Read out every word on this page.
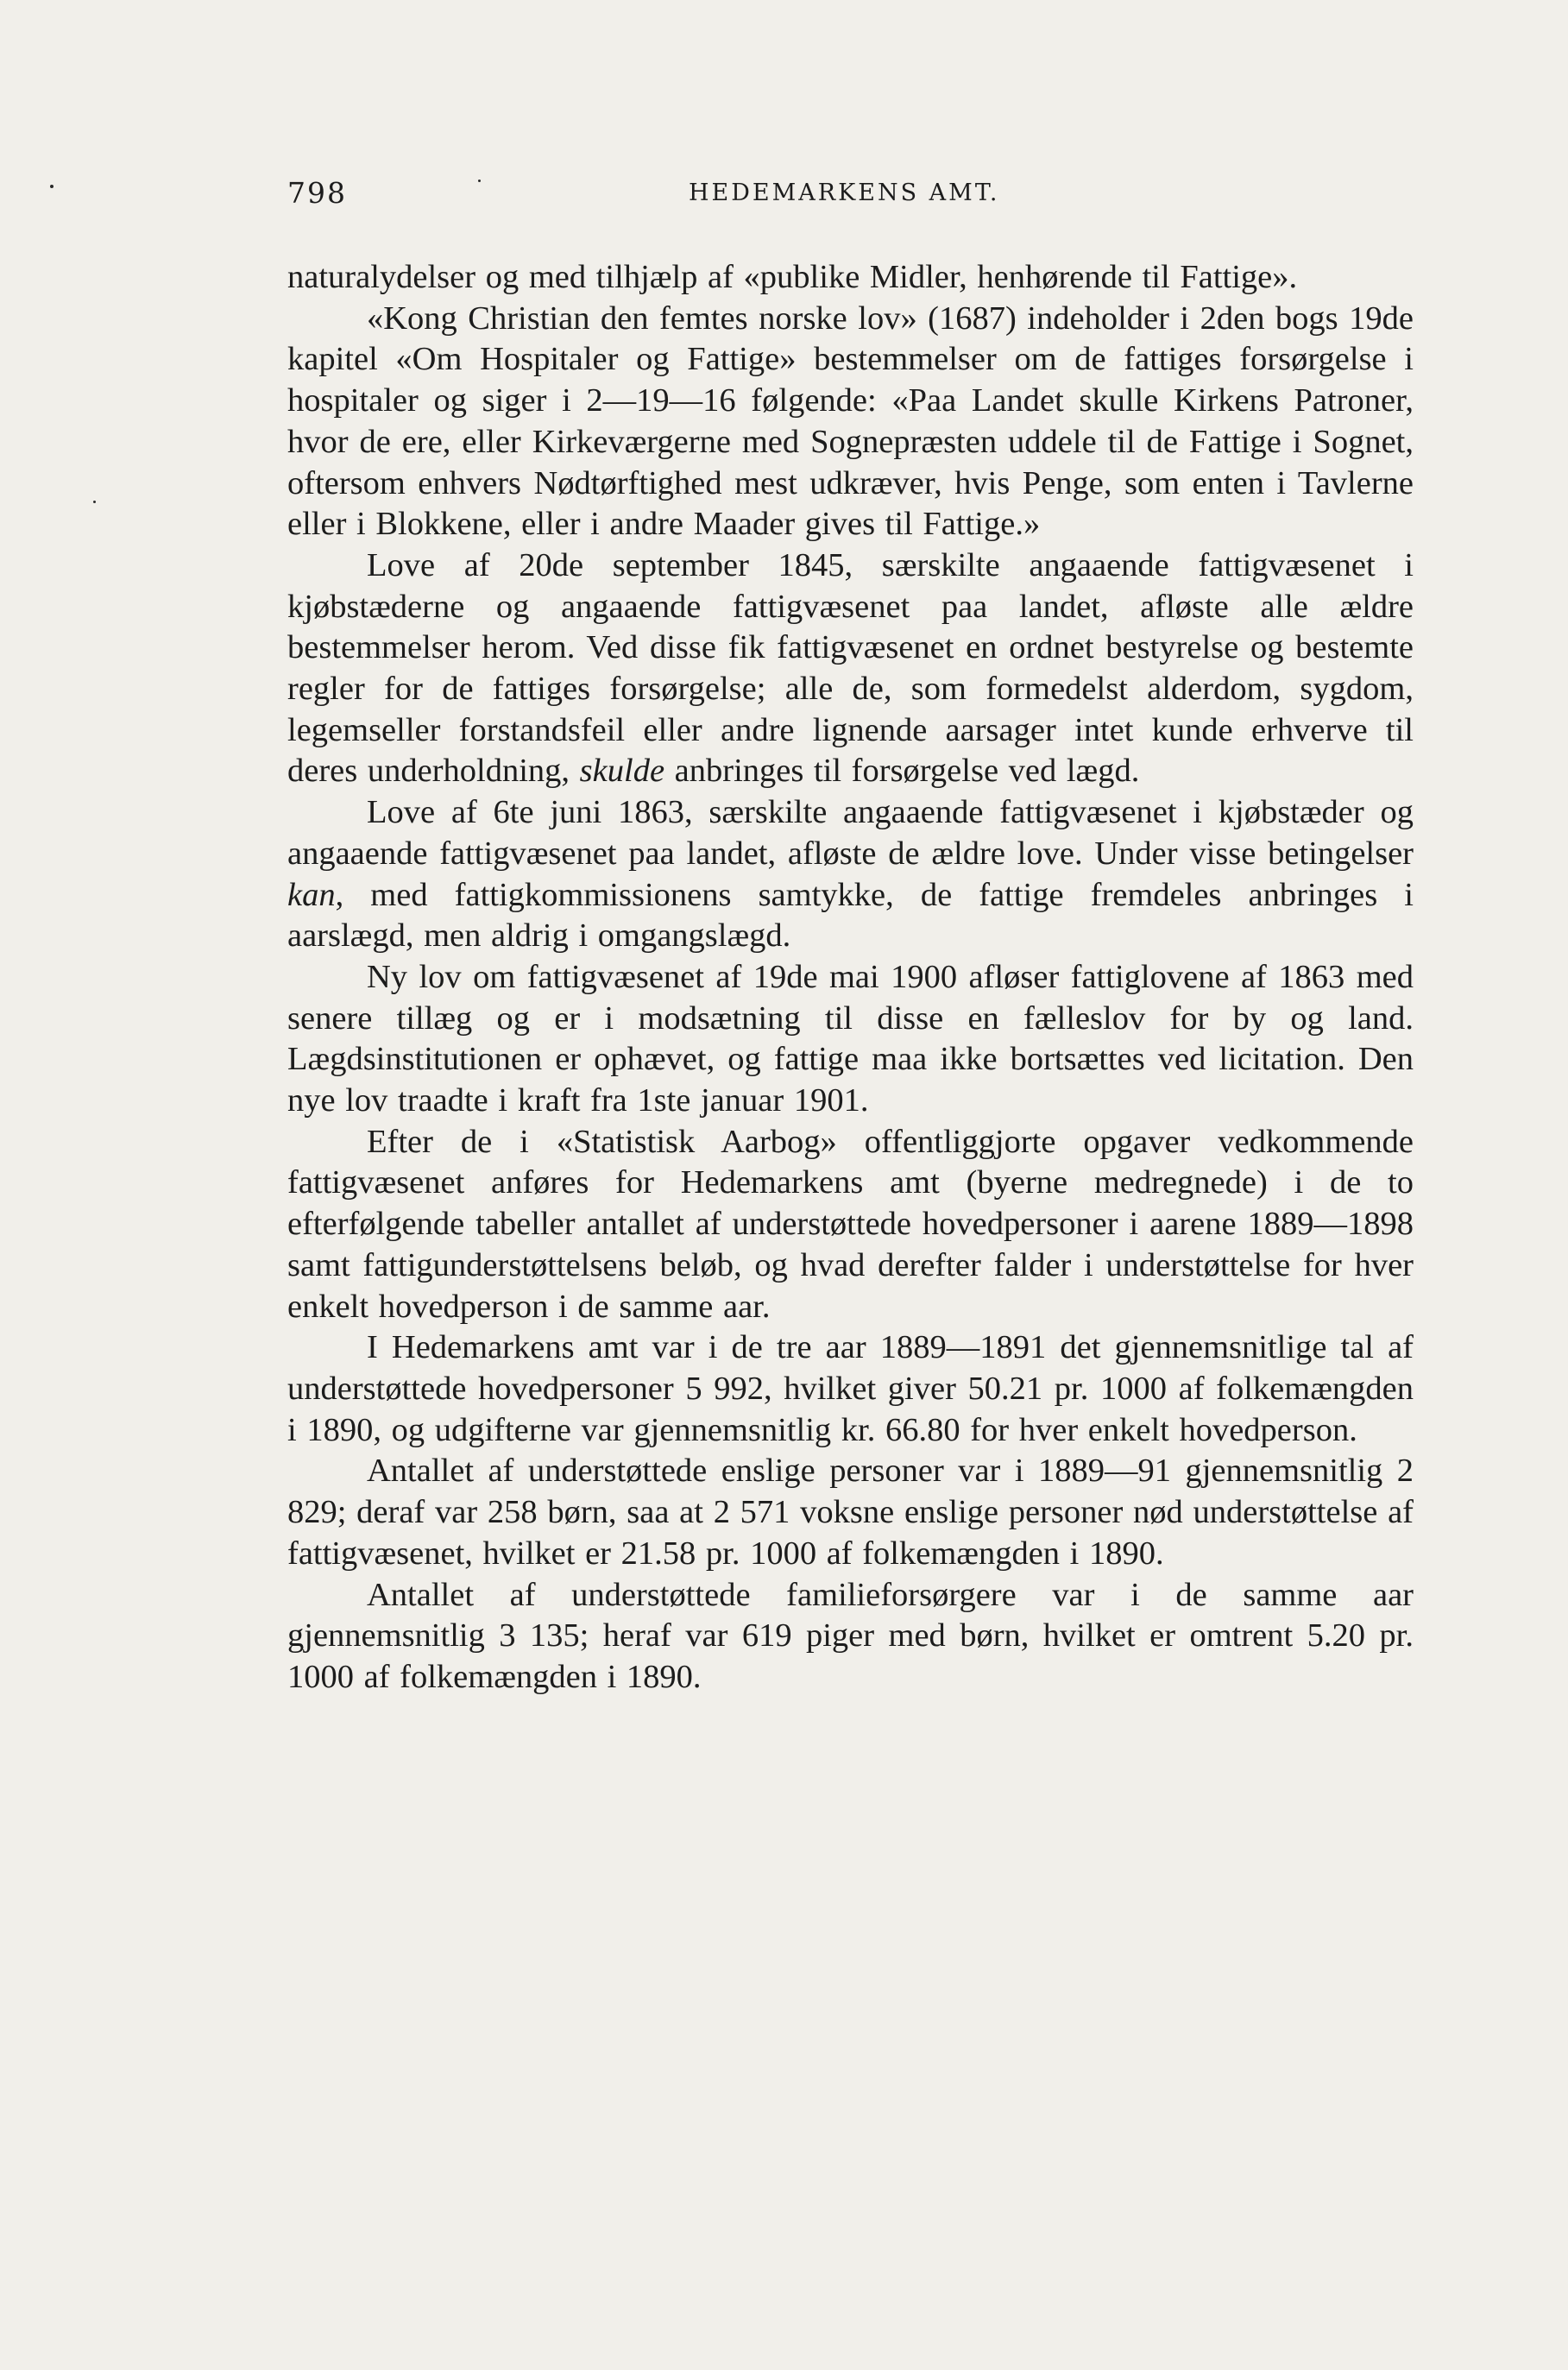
798	HEDEMARKENS AMT.

naturalydelser og med tilhjælp af «publike Midler, henhørende til Fattige».

«Kong Christian den femtes norske lov» (1687) indeholder i 2den bogs 19de kapitel «Om Hospitaler og Fattige» bestemmelser om de fattiges forsørgelse i hospitaler og siger i 2—19—16 følgende: «Paa Landet skulle Kirkens Patroner, hvor de ere, eller Kirkeværgerne med Sognepræsten uddele til de Fattige i Sognet, oftersom enhvers Nødtørftighed mest udkræver, hvis Penge, som enten i Tavlerne eller i Blokkene, eller i andre Maader gives til Fattige.»

Love af 20de september 1845, særskilte angaaende fattigvæsenet i kjøbstæderne og angaaende fattigvæsenet paa landet, afløste alle ældre bestemmelser herom. Ved disse fik fattigvæsenet en ordnet bestyrelse og bestemte regler for de fattiges forsørgelse; alle de, som formedelst alderdom, sygdom, legemseller forstandsfeil eller andre lignende aarsager intet kunde erhverve til deres underholdning, skulde anbringes til forsørgelse ved lægd.

Love af 6te juni 1863, særskilte angaaende fattigvæsenet i kjøbstæder og angaaende fattigvæsenet paa landet, afløste de ældre love. Under visse betingelser kan, med fattigkommissionens samtykke, de fattige fremdeles anbringes i aarslægd, men aldrig i omgangslægd.

Ny lov om fattigvæsenet af 19de mai 1900 afløser fattiglovene af 1863 med senere tillæg og er i modsætning til disse en fælleslov for by og land. Lægdsinstitutionen er ophævet, og fattige maa ikke bortsættes ved licitation. Den nye lov traadte i kraft fra 1ste januar 1901.

Efter de i «Statistisk Aarbog» offentliggjorte opgaver vedkommende fattigvæsenet anføres for Hedemarkens amt (byerne medregnede) i de to efterfølgende tabeller antallet af understøttede hovedpersoner i aarene 1889—1898 samt fattigunderstøttelsens beløb, og hvad derefter falder i understøttelse for hver enkelt hovedperson i de samme aar.

I Hedemarkens amt var i de tre aar 1889—1891 det gjennemsnitlige tal af understøttede hovedpersoner 5 992, hvilket giver 50.21 pr. 1000 af folkemængden i 1890, og udgifterne var gjennemsnitlig kr. 66.80 for hver enkelt hovedperson.

Antallet af understøttede enslige personer var i 1889—91 gjennemsnitlig 2 829; deraf var 258 børn, saa at 2 571 voksne enslige personer nød understøttelse af fattigvæsenet, hvilket er 21.58 pr. 1000 af folkemængden i 1890.

Antallet af understøttede familieforsørgere var i de samme aar gjennemsnitlig 3 135; heraf var 619 piger med børn, hvilket er omtrent 5.20 pr. 1000 af folkemængden i 1890.
